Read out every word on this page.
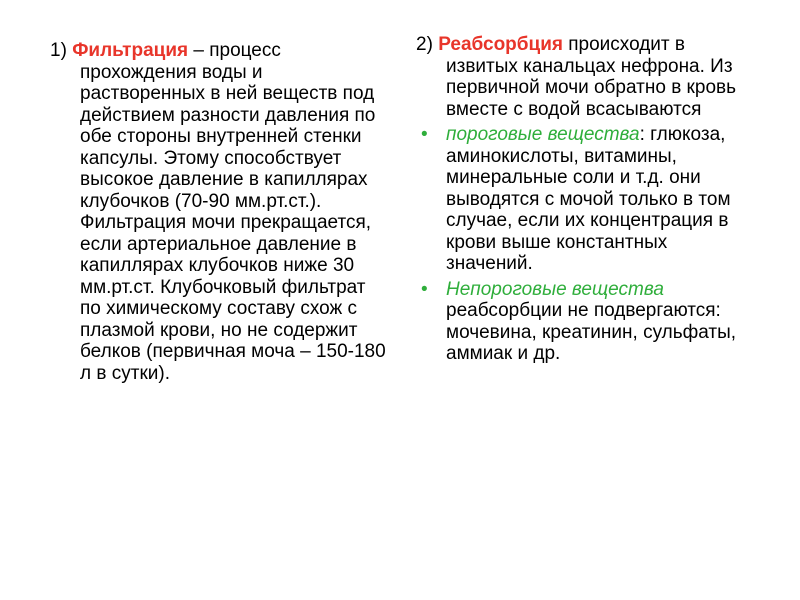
1) Фильтрация – процесс прохождения воды и растворенных в ней веществ под действием разности давления по обе стороны внутренней стенки капсулы. Этому способствует высокое давление в капиллярах клубочков (70-90 мм.рт.ст.). Фильтрация мочи прекращается, если артериальное давление в капиллярах клубочков ниже 30 мм.рт.ст. Клубочковый фильтрат по химическому составу схож с плазмой крови, но не содержит белков (первичная моча – 150-180 л в сутки).

2) Реабсорбция происходит в извитых канальцах нефрона. Из первичной мочи обратно в кровь вместе с водой всасываются

• пороговые вещества: глюкоза, аминокислоты, витамины, минеральные соли и т.д. они выводятся с мочой только в том случае, если их концентрация в крови выше константных значений.

• Непороговые вещества реабсорбции не подвергаются: мочевина, креатинин, сульфаты, аммиак и др.
